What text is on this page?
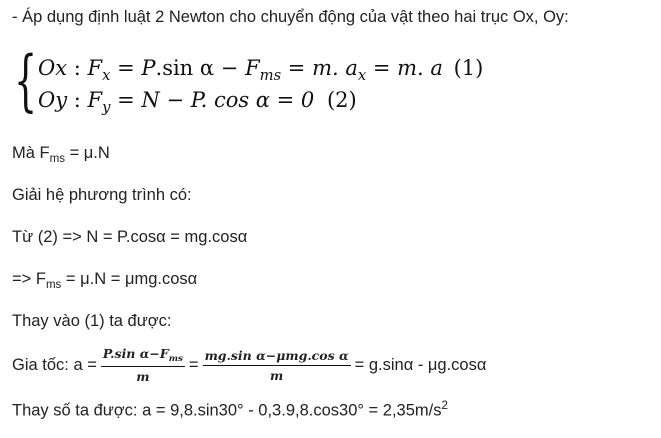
- Áp dụng định luật 2 Newton cho chuyển động của vật theo hai trục Ox, Oy:
{ Ox : $F_x = P.\sin$ $\alpha - F_{ms} = m$. $a_x = m$. a (1)
Oy : $F_y = N - P$. cos α = 0 (2)
Mà $F_{ms} = \mu.N$
Giải hệ phương trình có:
Từ (2) => N = P.cosα = mg.cosα
=> $F_{ms} = \mu.N = \mu mg.\cos\alpha$
Thay vào (1) ta được:
Gia tốc: $a = \frac{P.\sin \alpha-F_{ms}}{m} = \frac{\text{mg.sin α−μmg.cos α}}{m} = g.\sin\alpha - \mu g.\cos\alpha$
Thay số ta được: $a = 9,8.\sin 30^\circ - 0,3.9,8.\cos 30^\circ = 2,35m/s^2$
